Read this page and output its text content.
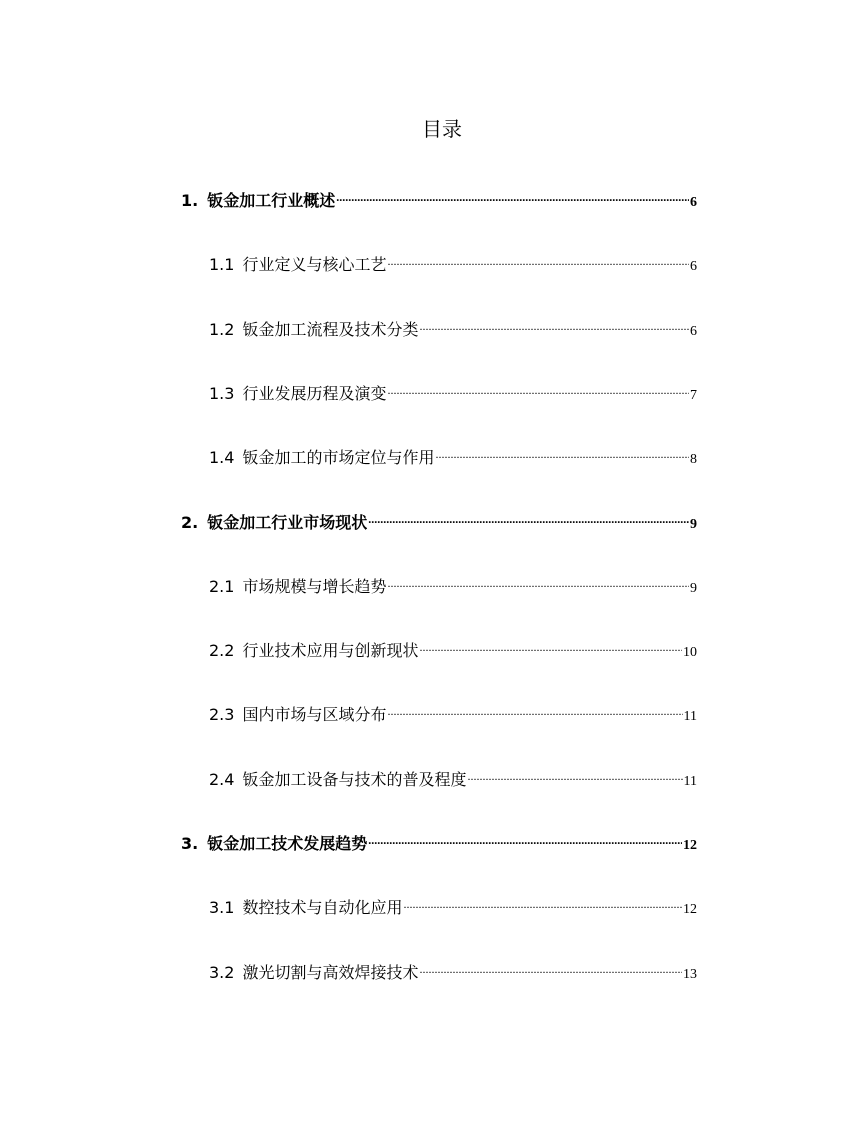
目录
1. 钣金加工行业概述 .....	6
1.1 行业定义与核心工艺 .....	6
1.2 钣金加工流程及技术分类 .....	6
1.3 行业发展历程及演变 .....	7
1.4 钣金加工的市场定位与作用 .....	8
2. 钣金加工行业市场现状 .....	9
2.1 市场规模与增长趋势 .....	9
2.2 行业技术应用与创新现状 .....	10
2.3 国内市场与区域分布 .....	11
2.4 钣金加工设备与技术的普及程度 .....	11
3. 钣金加工技术发展趋势 .....	12
3.1 数控技术与自动化应用 .....	12
3.2 激光切割与高效焊接技术 .....	13
